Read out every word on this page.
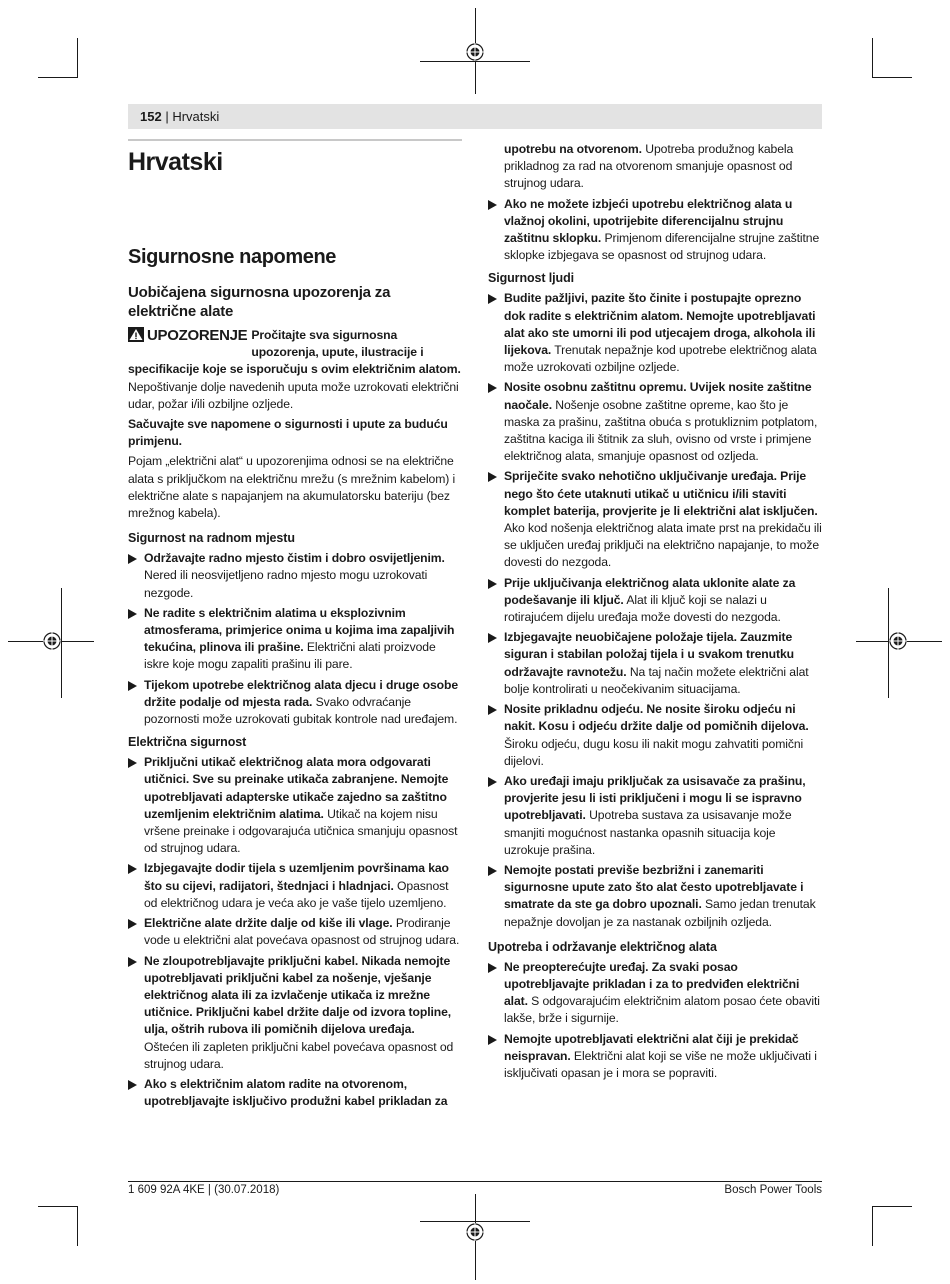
152 | Hrvatski
Hrvatski
Sigurnosne napomene
Uobičajena sigurnosna upozorenja za električne alate
UPOZORENJE Pročitajte sva sigurnosna upozorenja, upute, ilustracije i specifikacije koje se isporučuju s ovim električnim alatom. Nepoštivanje dolje navedenih uputa može uzrokovati električni udar, požar i/ili ozbiljne ozljede.
Sačuvajte sve napomene o sigurnosti i upute za buduću primjenu.
Pojam „električni alat“ u upozorenjima odnosi se na električne alata s priključkom na električnu mrežu (s mrežnim kabelom) i električne alate s napajanjem na akumulatorsku bateriju (bez mrežnog kabela).
Sigurnost na radnom mjestu
Održavajte radno mjesto čistim i dobro osvijetljenim. Nered ili neosvijetljeno radno mjesto mogu uzrokovati nezgode.
Ne radite s električnim alatima u eksplozivnim atmosferama, primjerice onima u kojima ima zapaljivih tekućina, plinova ili prašine. Električni alati proizvode iskre koje mogu zapaliti prašinu ili pare.
Tijekom upotrebe električnog alata djecu i druge osobe držite podalje od mjesta rada. Svako odvraćanje pozornosti može uzrokovati gubitak kontrole nad uređajem.
Električna sigurnost
Priključni utikač električnog alata mora odgovarati utičnici. Sve su preinake utikača zabranjene. Nemojte upotrebljavati adapterske utikače zajedno sa zaštitno uzemljenim električnim alatima. Utikač na kojem nisu vršene preinake i odgovarajuća utičnica smanjuju opasnost od strujnog udara.
Izbjegavajte dodir tijela s uzemljenim površinama kao što su cijevi, radijatori, štednjaci i hladnjaci. Opasnost od električnog udara je veća ako je vaše tijelo uzemljeno.
Električne alate držite dalje od kiše ili vlage. Prodiranje vode u električni alat povećava opasnost od strujnog udara.
Ne zloupotrebljavajte priključni kabel. Nikada nemojte upotrebljavati priključni kabel za nošenje, vješanje električnog alata ili za izvlačenje utikača iz mrežne utičnice. Priključni kabel držite dalje od izvora topline, ulja, oštrih rubova ili pomičnih dijelova uređaja. Oštećen ili zapleten priključni kabel povećava opasnost od strujnog udara.
Ako s električnim alatom radite na otvorenom, upotrebljavajte isključivo produžni kabel prikladan za
upotrebu na otvorenom. Upotreba produžnog kabela prikladnog za rad na otvorenom smanjuje opasnost od strujnog udara.
Ako ne možete izbjeći upotrebu električnog alata u vlažnoj okolini, upotrijebite diferencijalnu strujnu zaštitnu sklopku. Primjenom diferencijalne strujne zaštitne sklopke izbjegava se opasnost od strujnog udara.
Sigurnost ljudi
Budite pažljivi, pazite što činite i postupajte oprezno dok radite s električnim alatom. Nemojte upotrebljavati alat ako ste umorni ili pod utjecajem droga, alkohola ili lijekova. Trenutak nepažnje kod upotrebe električnog alata može uzrokovati ozbiljne ozljede.
Nosite osobnu zaštitnu opremu. Uvijek nosite zaštitne naočale. Nošenje osobne zaštitne opreme, kao što je maska za prašinu, zaštitna obuća s protukliznim potplatom, zaštitna kaciga ili štitnik za sluh, ovisno od vrste i primjene električnog alata, smanjuje opasnost od ozljeda.
Spriječite svako nehotično uključivanje uređaja. Prije nego što ćete utaknuti utikač u utičnicu i/ili staviti komplet baterija, provjerite je li električni alat isključen. Ako kod nošenja električnog alata imate prst na prekidaču ili se uključen uređaj priključi na električno napajanje, to može dovesti do nezgoda.
Prije uključivanja električnog alata uklonite alate za podešavanje ili ključ. Alat ili ključ koji se nalazi u rotirajućem dijelu uređaja može dovesti do nezgoda.
Izbjegavajte neuobičajene položaje tijela. Zauzmite siguran i stabilan položaj tijela i u svakom trenutku održavajte ravnotežu. Na taj način možete električni alat bolje kontrolirati u neočekivanim situacijama.
Nosite prikladnu odjeću. Ne nosite široku odjeću ni nakit. Kosu i odjeću držite dalje od pomičnih dijelova. Široku odjeću, dugu kosu ili nakit mogu zahvatiti pomični dijelovi.
Ako uređaji imaju priključak za usisavače za prašinu, provjerite jesu li isti priključeni i mogu li se ispravno upotrebljavati. Upotreba sustava za usisavanje može smanjiti mogućnost nastanka opasnih situacija koje uzrokuje prašina.
Nemojte postati previše bezbrižni i zanemariti sigurnosne upute zato što alat često upotrebljavate i smatrate da ste ga dobro upoznali. Samo jedan trenutak nepažnje dovoljan je za nastanak ozbiljnih ozljeda.
Upotreba i održavanje električnog alata
Ne preopterećujte uređaj. Za svaki posao upotrebljavajte prikladan i za to predviđen električni alat. S odgovarajućim električnim alatom posao ćete obaviti lakše, brže i sigurnije.
Nemojte upotrebljavati električni alat čiji je prekidač neispravan. Električni alat koji se više ne može uključivati i isključivati opasan je i mora se popraviti.
1 609 92A 4KE | (30.07.2018)	Bosch Power Tools
